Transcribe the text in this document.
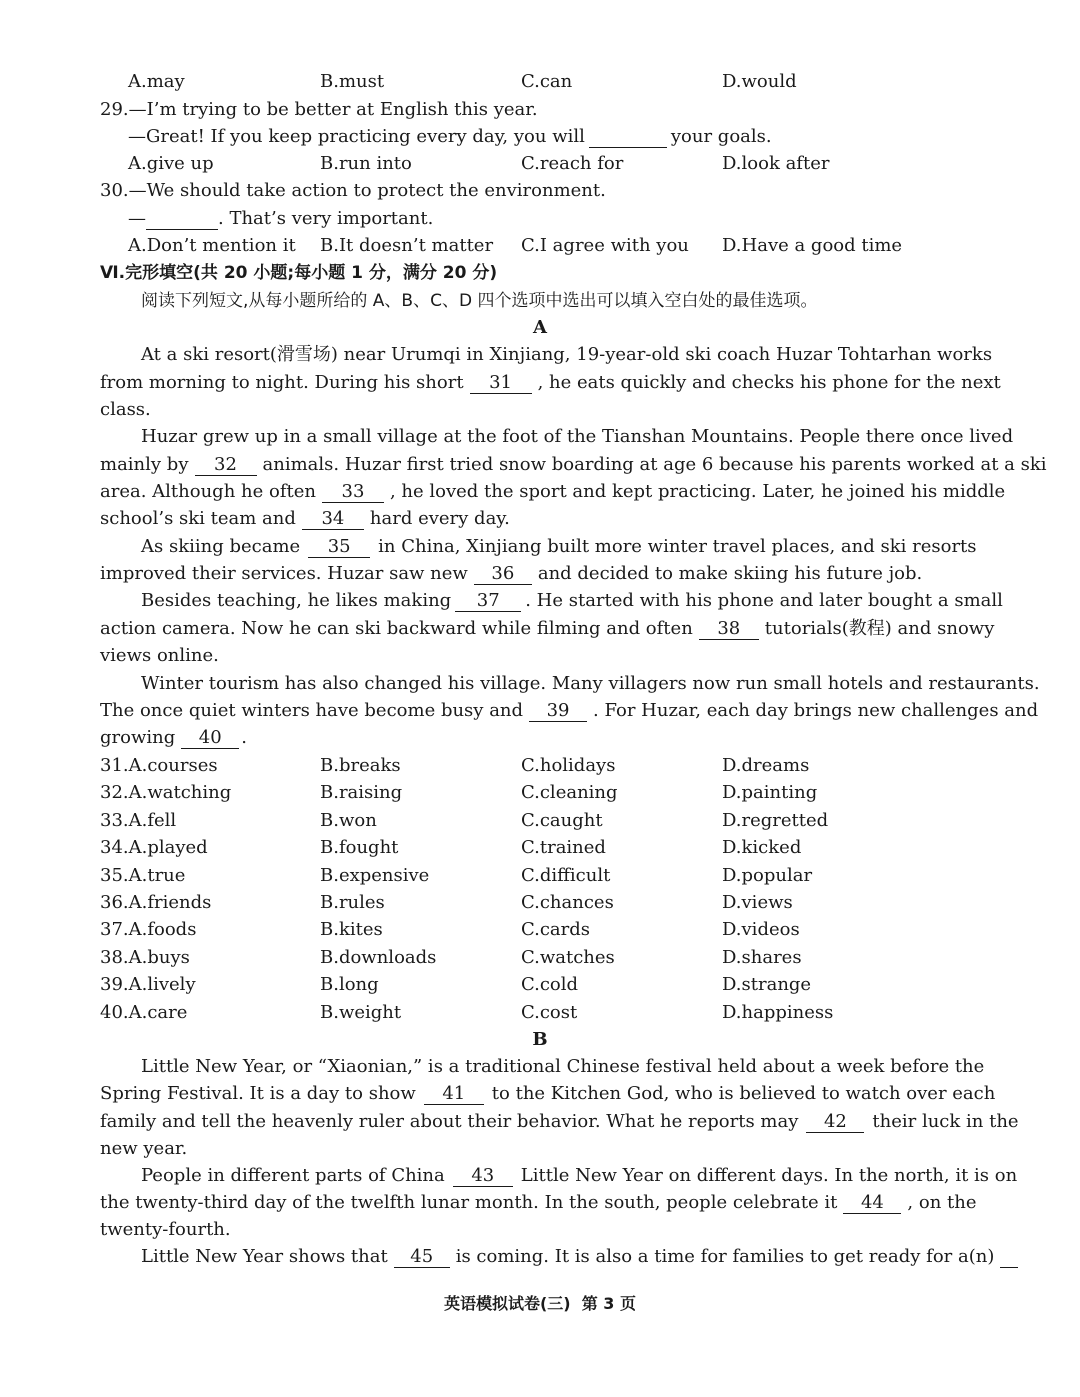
A.may	B.must	C.can	D.would
29.—I’m trying to be better at English this year.
—Great! If you keep practicing every day, you will	your goals.
A.give up	B.run into	C.reach for	D.look after
30.—We should take action to protect the environment.
—	. That’s very important.
A.Don’t mention it B.It doesn’t matter C.I agree with you D.Have a good time
Ⅵ.完形填空(共 20 小题;每小题 1 分，满分 20 分)
阅读下列短文,从每小题所给的 A、B、C、D 四个选项中选出可以填入空白处的最佳选项。
A
At a ski resort(滑雪场) near Urumqi in Xinjiang, 19-year-old ski coach Huzar Tohtarhan works
from morning to night. During his short 31 , he eats quickly and checks his phone for the next
class.
Huzar grew up in a small village at the foot of the Tianshan Mountains. People there once lived
mainly by 32 animals. Huzar first tried snow boarding at age 6 because his parents worked at a ski
area. Although he often 33 , he loved the sport and kept practicing. Later, he joined his middle
school’s ski team and 34 hard every day.
As skiing became 35 in China, Xinjiang built more winter travel places, and ski resorts
improved their services. Huzar saw new 36 and decided to make skiing his future job.
Besides teaching, he likes making 37 . He started with his phone and later bought a small
action camera. Now he can ski backward while filming and often 38 tutorials(教程) and snowy
views online.
Winter tourism has also changed his village. Many villagers now run small hotels and restaurants.
The once quiet winters have become busy and 39 . For Huzar, each day brings new challenges and
growing 40 .
31.A.courses	B.breaks	C.holidays	D.dreams
32.A.watching	B.raising	C.cleaning	D.painting
33.A.fell	B.won	C.caught	D.regretted
34.A.played	B.fought	C.trained	D.kicked
35.A.true	B.expensive	C.difficult	D.popular
36.A.friends	B.rules	C.chances	D.views
37.A.foods	B.kites	C.cards	D.videos
38.A.buys	B.downloads	C.watches	D.shares
39.A.lively	B.long	C.cold	D.strange
40.A.care	B.weight	C.cost	D.happiness
B
Little New Year, or “Xiaonian,” is a traditional Chinese festival held about a week before the
Spring Festival. It is a day to show 41 to the Kitchen God, who is believed to watch over each
family and tell the heavenly ruler about their behavior. What he reports may 42 their luck in the
new year.
People in different parts of China 43 Little New Year on different days. In the north, it is on
the twenty-third day of the twelfth lunar month. In the south, people celebrate it 44 , on the
twenty-fourth.
Little New Year shows that 45 is coming. It is also a time for families to get ready for a(n)
英语模拟试卷(三)  第 3 页
